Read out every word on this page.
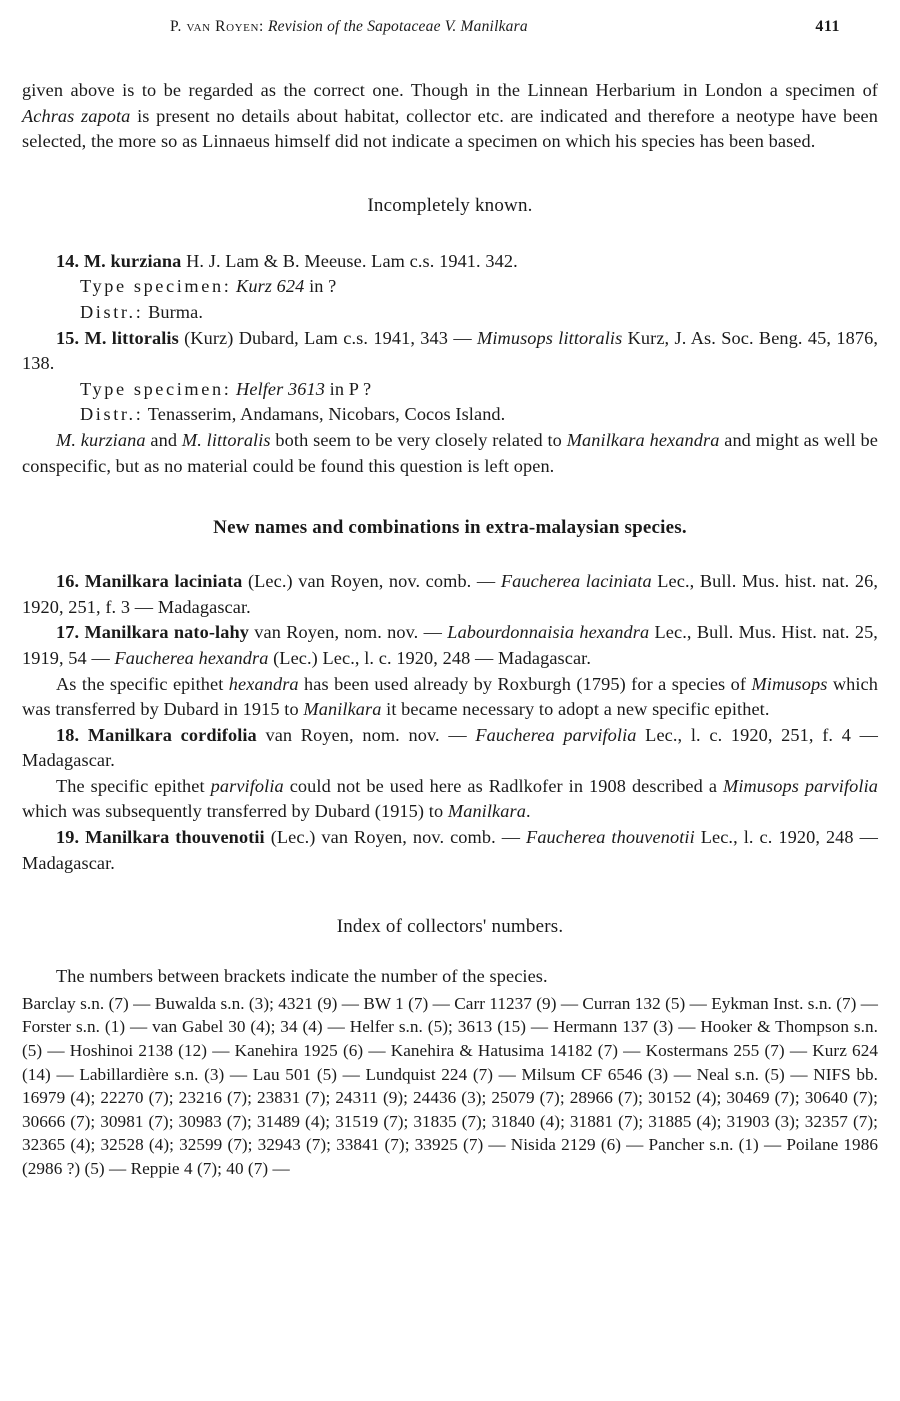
P. van Royen: Revision of the Sapotaceae V. Manilkara	411

given above is to be regarded as the correct one. Though in the Linnean Herbarium in London a specimen of Achras zapota is present no details about habitat, collector etc. are indicated and therefore a neotype have been selected, the more so as Linnaeus himself did not indicate a specimen on which his species has been based.

Incompletely known.

14. M. kurziana H. J. Lam & B. Meeuse. Lam c.s. 1941. 342.

Type specimen: Kurz 624 in ?

Distr.: Burma.

15. M. littoralis (Kurz) Dubard, Lam c.s. 1941, 343 — Mimusops littoralis Kurz, J. As. Soc. Beng. 45, 1876, 138.

Type specimen: Helfer 3613 in P ?

Distr.: Tenasserim, Andamans, Nicobars, Cocos Island.

M. kurziana and M. littoralis both seem to be very closely related to Manilkara hexandra and might as well be conspecific, but as no material could be found this question is left open.

New names and combinations in extra-malaysian species.

16. Manilkara laciniata (Lec.) van Royen, nov. comb. — Faucherea laciniata Lec., Bull. Mus. hist. nat. 26, 1920, 251, f. 3 — Madagascar.

17. Manilkara nato-lahy van Royen, nom. nov. — Labourdonnaisia hexandra Lec., Bull. Mus. Hist. nat. 25, 1919, 54 — Faucherea hexandra (Lec.) Lec., l. c. 1920, 248 — Madagascar.

As the specific epithet hexandra has been used already by Roxburgh (1795) for a species of Mimusops which was transferred by Dubard in 1915 to Manilkara it became necessary to adopt a new specific epithet.

18. Manilkara cordifolia van Royen, nom. nov. — Faucherea parvifolia Lec., l. c. 1920, 251, f. 4 — Madagascar.

The specific epithet parvifolia could not be used here as Radlkofer in 1908 described a Mimusops parvifolia which was subsequently transferred by Dubard (1915) to Manilkara.

19. Manilkara thouvenotii (Lec.) van Royen, nov. comb. — Faucherea thouvenotii Lec., l. c. 1920, 248 — Madagascar.

Index of collectors' numbers.

The numbers between brackets indicate the number of the species.

Barclay s.n. (7) — Buwalda s.n. (3); 4321 (9) — BW 1 (7) — Carr 11237 (9) — Curran 132 (5) — Eykman Inst. s.n. (7) — Forster s.n. (1) — van Gabel 30 (4); 34 (4) — Helfer s.n. (5); 3613 (15) — Hermann 137 (3) — Hooker & Thompson s.n. (5) — Hoshinoi 2138 (12) — Kanehira 1925 (6) — Kanehira & Hatusima 14182 (7) — Kostermans 255 (7) — Kurz 624 (14) — Labillardière s.n. (3) — Lau 501 (5) — Lundquist 224 (7) — Milsum CF 6546 (3) — Neal s.n. (5) — NIFS bb. 16979 (4); 22270 (7); 23216 (7); 23831 (7); 24311 (9); 24436 (3); 25079 (7); 28966 (7); 30152 (4); 30469 (7); 30640 (7); 30666 (7); 30981 (7); 30983 (7); 31489 (4); 31519 (7); 31835 (7); 31840 (4); 31881 (7); 31885 (4); 31903 (3); 32357 (7); 32365 (4); 32528 (4); 32599 (7); 32943 (7); 33841 (7); 33925 (7) — Nisida 2129 (6) — Pancher s.n. (1) — Poilane 1986 (2986 ?) (5) — Reppie 4 (7); 40 (7) —
